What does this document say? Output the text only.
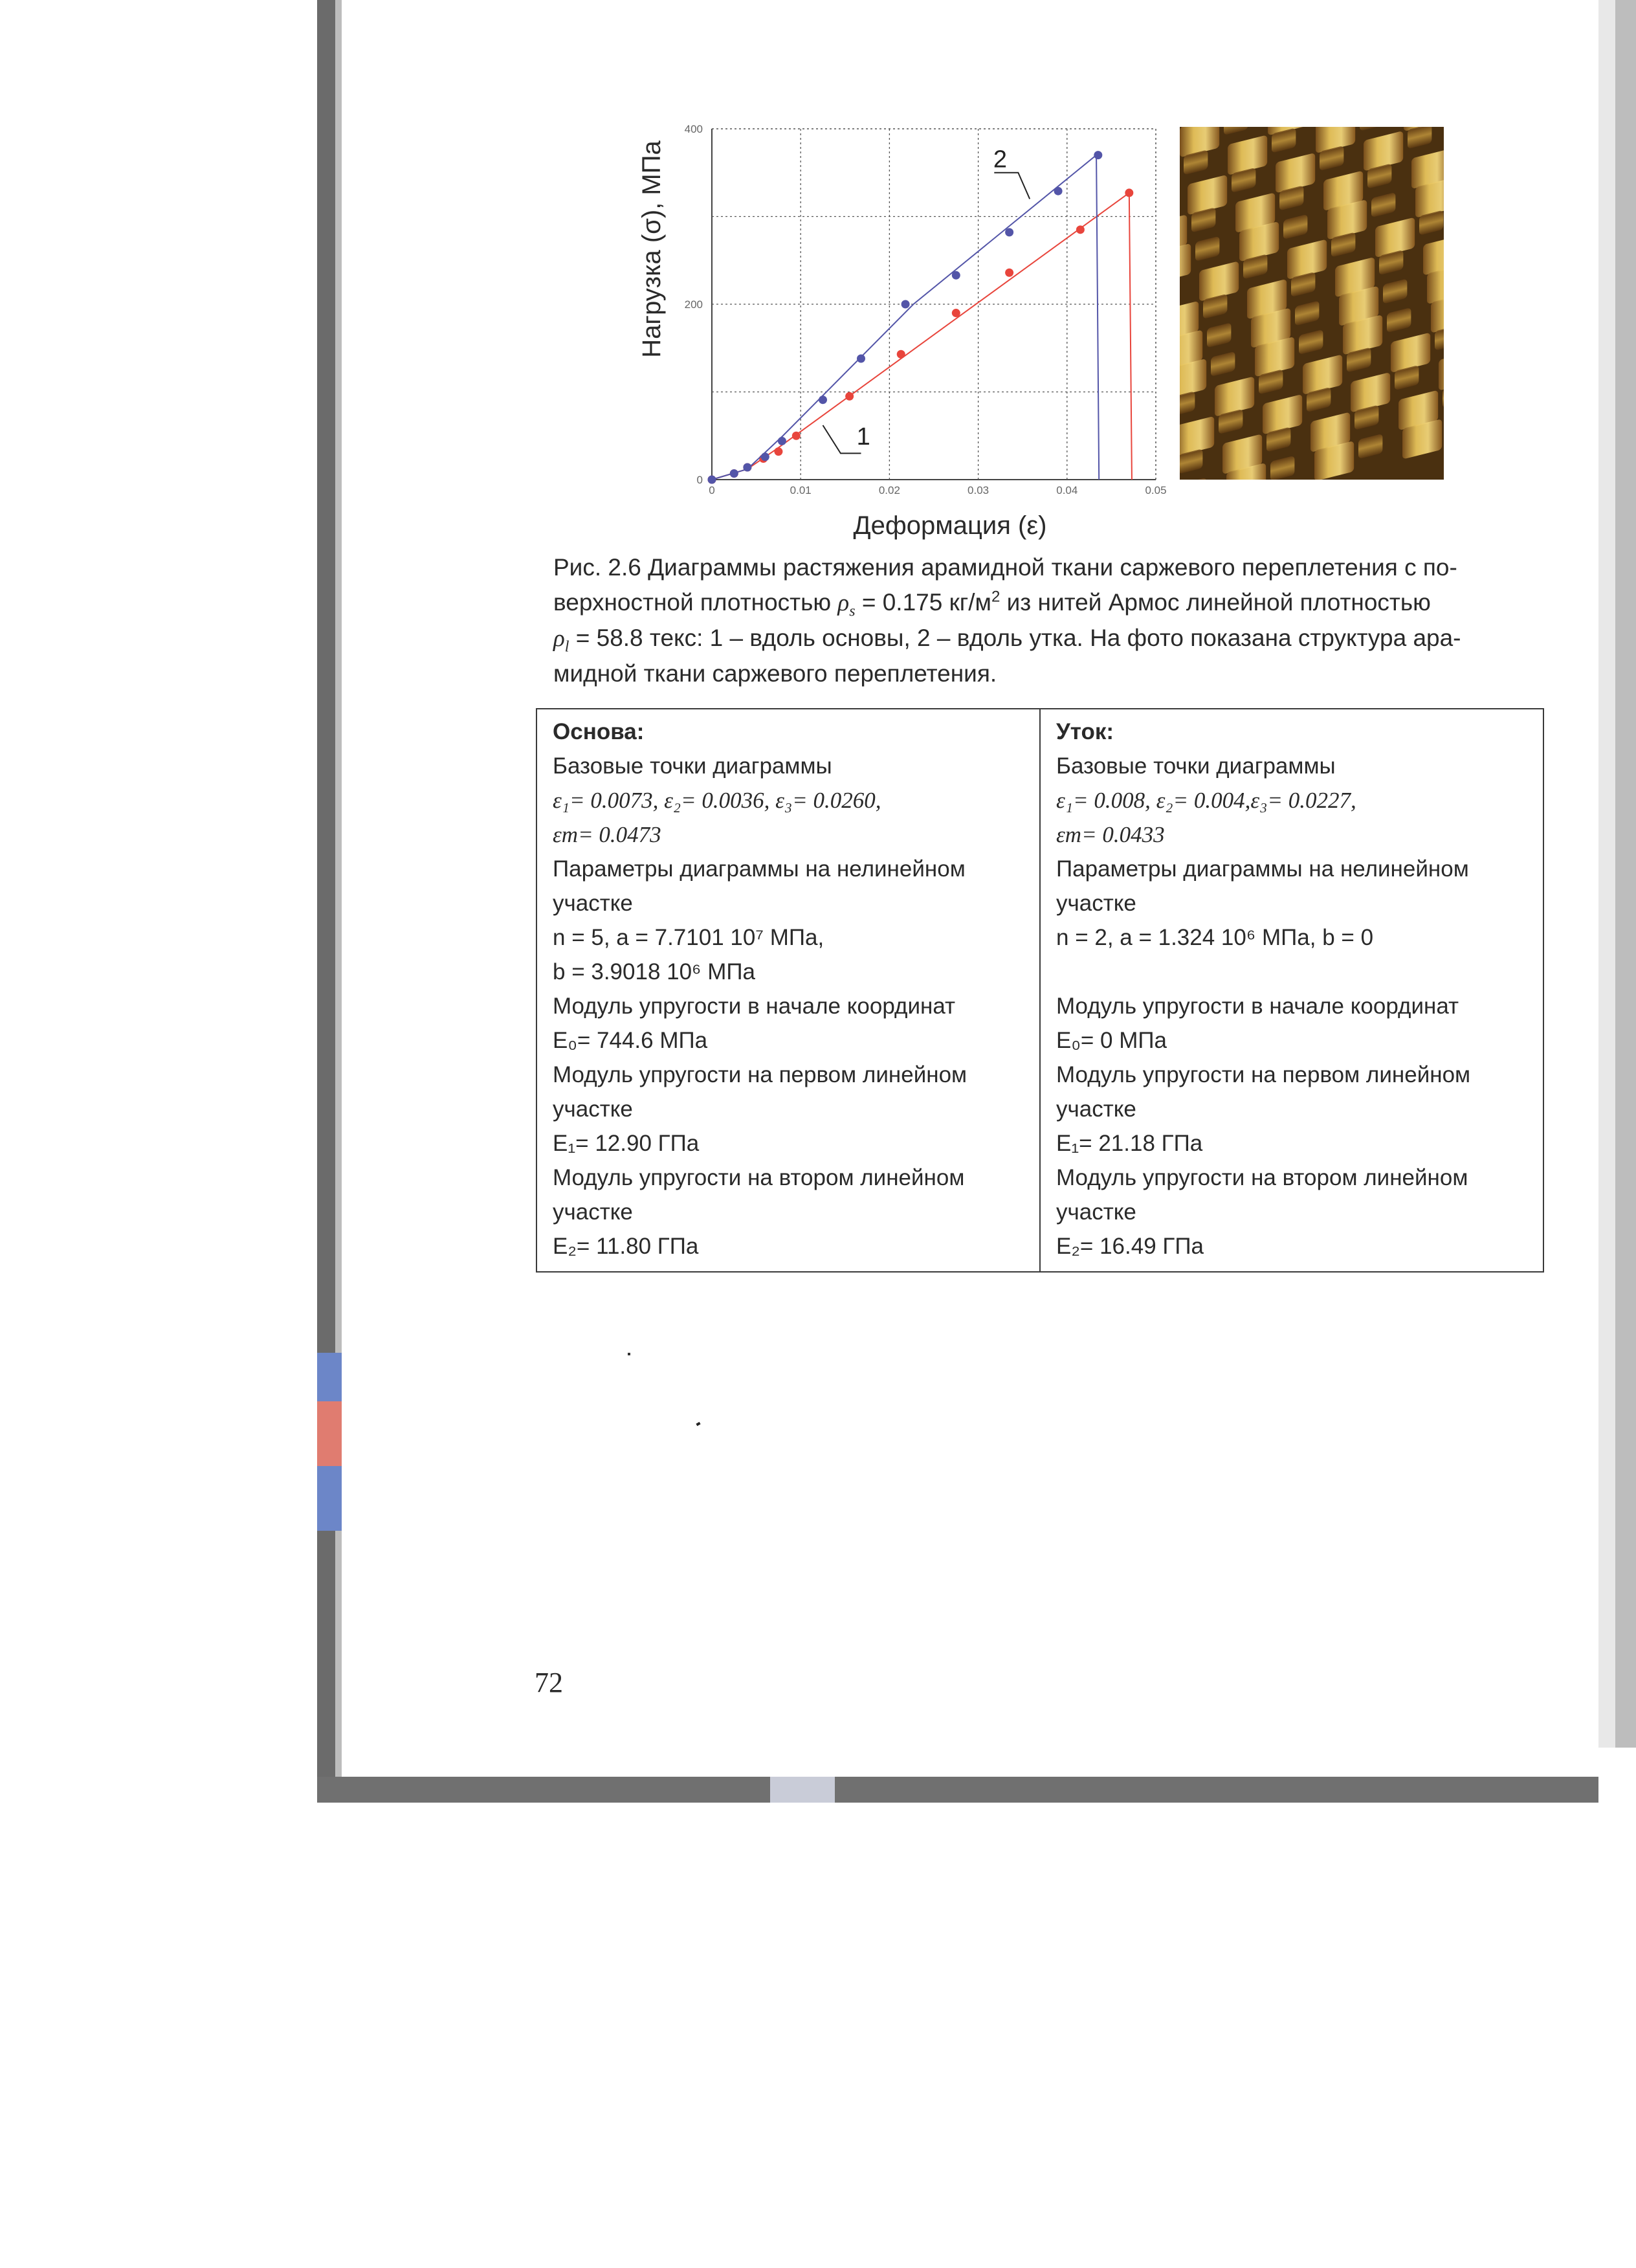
1
2
0	0.01	0.02	0.03	0.04	0.05
0
200
400
Нагрузка (σ), МПа
Деформация (ε)
Рис. 2.6 Диаграммы растяжения арамидной ткани саржевого переплетения с по-
верхностной плотностью $\rho_s = 0.175$ $кг/м^2$ из нитей Армос линейной плотностью
$\rho_l = 58.8$ текс: 1 – вдоль основы, 2 – вдоль утка. На фото показана структура ара-
мидной ткани саржевого переплетения.
Основа:
Базовые точки диаграммы
ε₁= 0.0073, ε₂= 0.0036, ε₃= 0.0260,
εm= 0.0473
Параметры диаграммы на нелинейном участке
n = 5, a = 7.7101 10⁷ МПа,
b = 3.9018 10⁶ МПа
Модуль упругости в начале координат
E₀= 744.6 МПа
Модуль упругости на первом линейном участке
E₁= 12.90 ГПа
Модуль упругости на втором линейном участке
E₂= 11.80 ГПа

Уток:
Базовые точки диаграммы
ε₁= 0.008, ε₂= 0.004,ε₃= 0.0227,
εm= 0.0433
Параметры диаграммы на нелинейном участке
n = 2, a = 1.324 10⁶ МПа, b = 0

Модуль упругости в начале координат
E₀= 0 МПа
Модуль упругости на первом линейном участке
E₁= 21.18 ГПа
Модуль упругости на втором линейном участке
E₂= 16.49 ГПа
72
